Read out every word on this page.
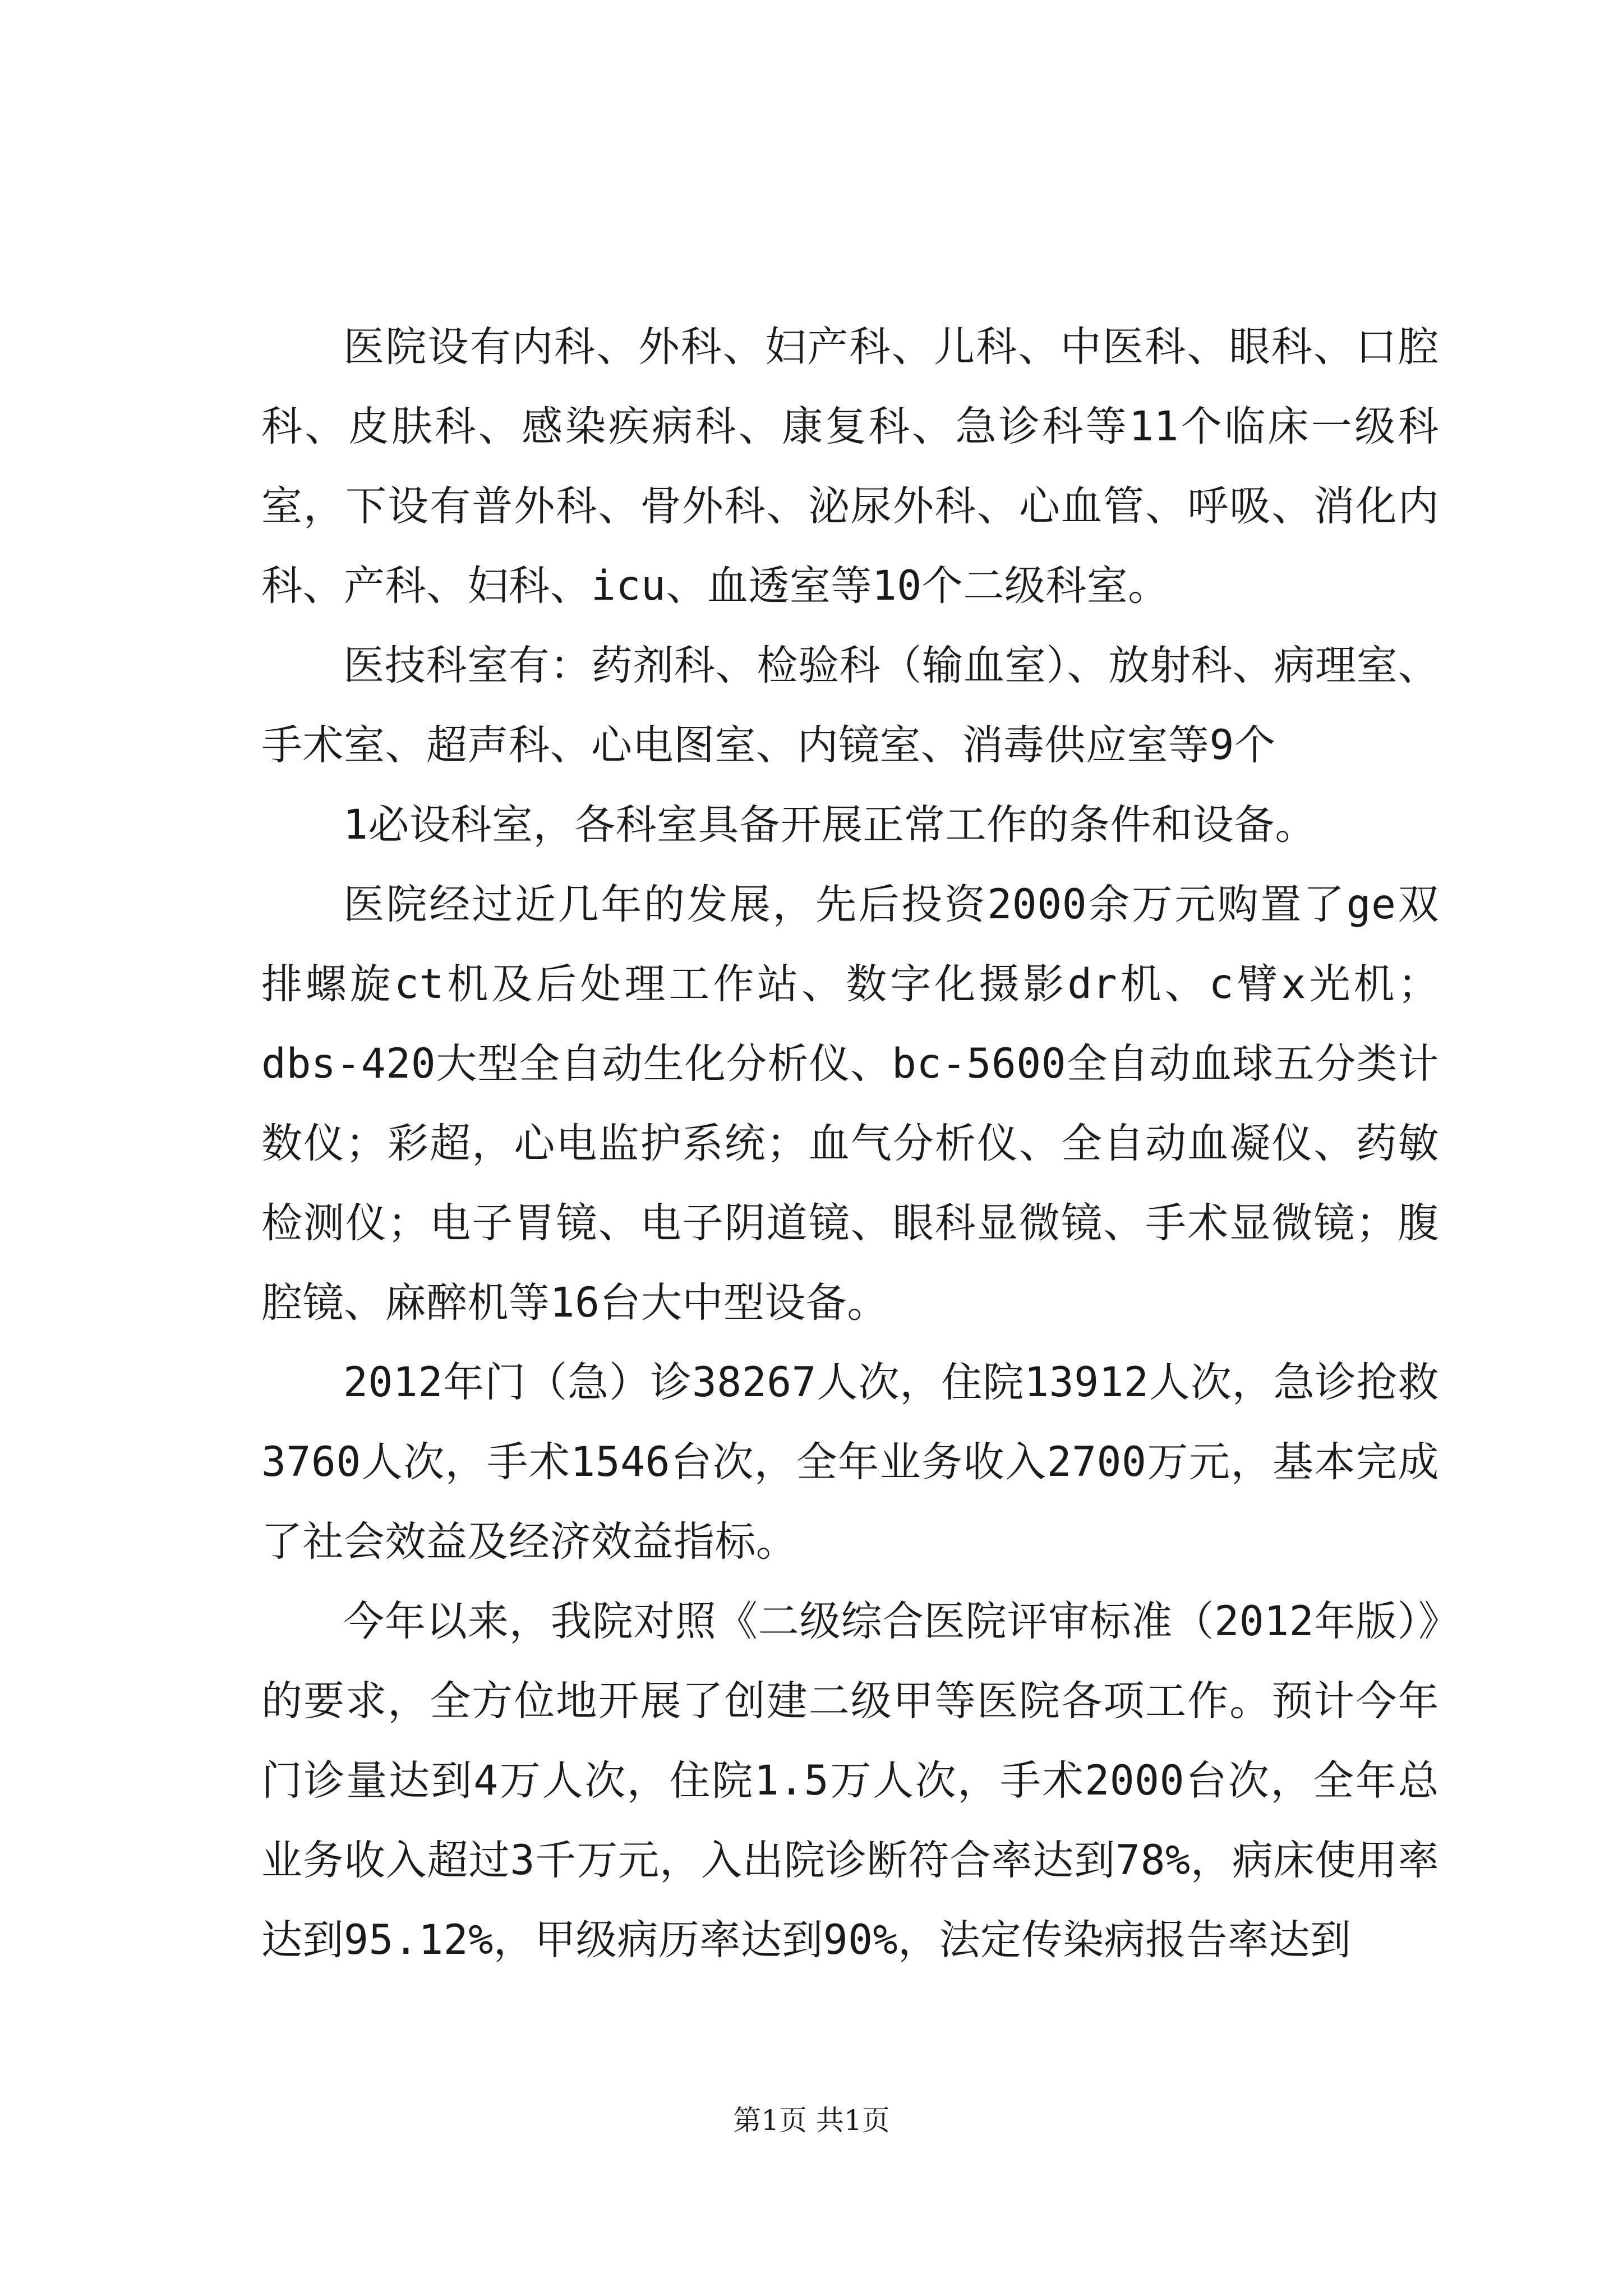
医院设有内科、外科、妇产科、儿科、中医科、眼科、口腔科、皮肤科、感染疾病科、康复科、急诊科等11个临床一级科室，下设有普外科、骨外科、泌尿外科、心血管、呼吸、消化内科、产科、妇科、icu、血透室等10个二级科室。

医技科室有：药剂科、检验科（输血室）、放射科、病理室、手术室、超声科、心电图室、内镜室、消毒供应室等9个

1必设科室，各科室具备开展正常工作的条件和设备。

医院经过近几年的发展，先后投资2000余万元购置了ge双排螺旋ct机及后处理工作站、数字化摄影dr机、c臂x光机；dbs-420大型全自动生化分析仪、bc-5600全自动血球五分类计数仪；彩超，心电监护系统；血气分析仪、全自动血凝仪、药敏检测仪；电子胃镜、电子阴道镜、眼科显微镜、手术显微镜；腹腔镜、麻醉机等16台大中型设备。

2012年门（急）诊38267人次，住院13912人次，急诊抢救3760人次，手术1546台次，全年业务收入2700万元，基本完成了社会效益及经济效益指标。

今年以来，我院对照《二级综合医院评审标准（2012年版）》的要求，全方位地开展了创建二级甲等医院各项工作。预计今年门诊量达到4万人次，住院1.5万人次，手术2000台次，全年总业务收入超过3千万元，入出院诊断符合率达到78%，病床使用率达到95.12%，甲级病历率达到90%，法定传染病报告率达到

第1页 共1页
